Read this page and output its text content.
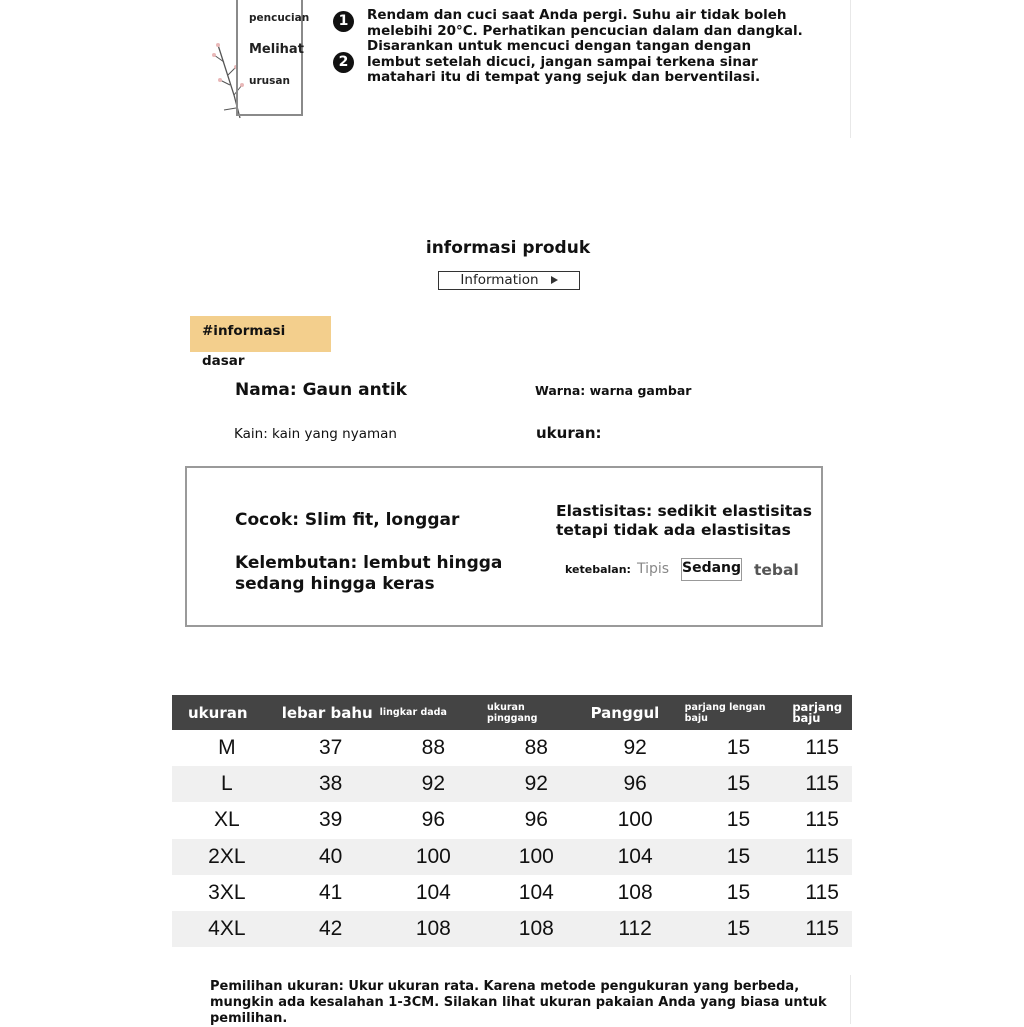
pencucian
Melihat
urusan
1
2
Rendam dan cuci saat Anda pergi. Suhu air tidak boleh melebihi 20°C. Perhatikan pencucian dalam dan dangkal.
Disarankan untuk mencuci dengan tangan dengan lembut setelah dicuci, jangan sampai terkena sinar matahari itu di tempat yang sejuk dan berventilasi.
informasi produk
Information
#informasi dasar
Nama: Gaun antik	Warna: warna gambar
Kain: kain yang nyaman	ukuran:
Cocok: Slim fit, longgar
Kelembutan: lembut hingga sedang hingga keras
Elastisitas: sedikit elastisitas tetapi tidak ada elastisitas
ketebalan: Tipis Sedang tebal
ukuran	lebar bahu	lingkar dada	ukuran pinggang	Panggul	parjang lengan baju	parjang baju
M	37	88	88	92	15	115
L	38	92	92	96	15	115
XL	39	96	96	100	15	115
2XL	40	100	100	104	15	115
3XL	41	104	104	108	15	115
4XL	42	108	108	112	15	115
Pemilihan ukuran: Ukur ukuran rata. Karena metode pengukuran yang berbeda, mungkin ada kesalahan 1-3CM. Silakan lihat ukuran pakaian Anda yang biasa untuk pemilihan.
